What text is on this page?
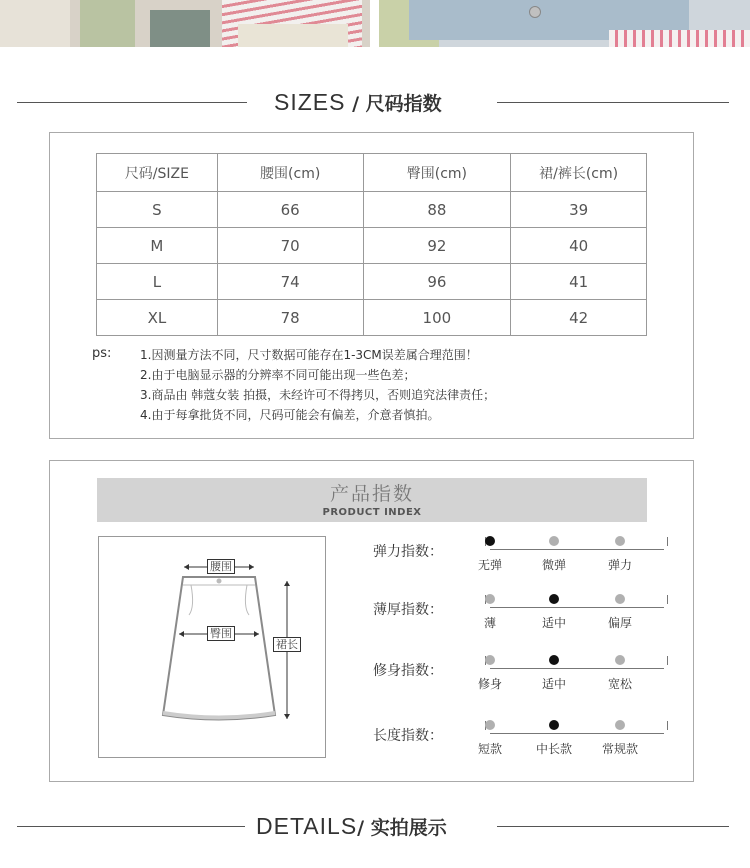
SIZES / 尺码指数
尺码/SIZE	腰围(cm)	臀围(cm)	裙/裤长(cm)
S	66	88	39
M	70	92	40
L	74	96	41
XL	78	100	42
ps: 1.因测量方法不同，尺寸数据可能存在1-3CM误差属合理范围！
2.由于电脑显示器的分辨率不同可能出现一些色差；
3.商品由 韩蔻女装 拍摄，未经许可不得拷贝，否则追究法律责任；
4.由于每拿批货不同，尺码可能会有偏差，介意者慎拍。
产品指数
PRODUCT INDEX
腰围
臀围
裙长
弹力指数：
无弹	微弹	弹力
薄厚指数：
薄	适中	偏厚
修身指数：
修身	适中	宽松
长度指数：
短款	中长款 常规款
DETAILS/ 实拍展示
